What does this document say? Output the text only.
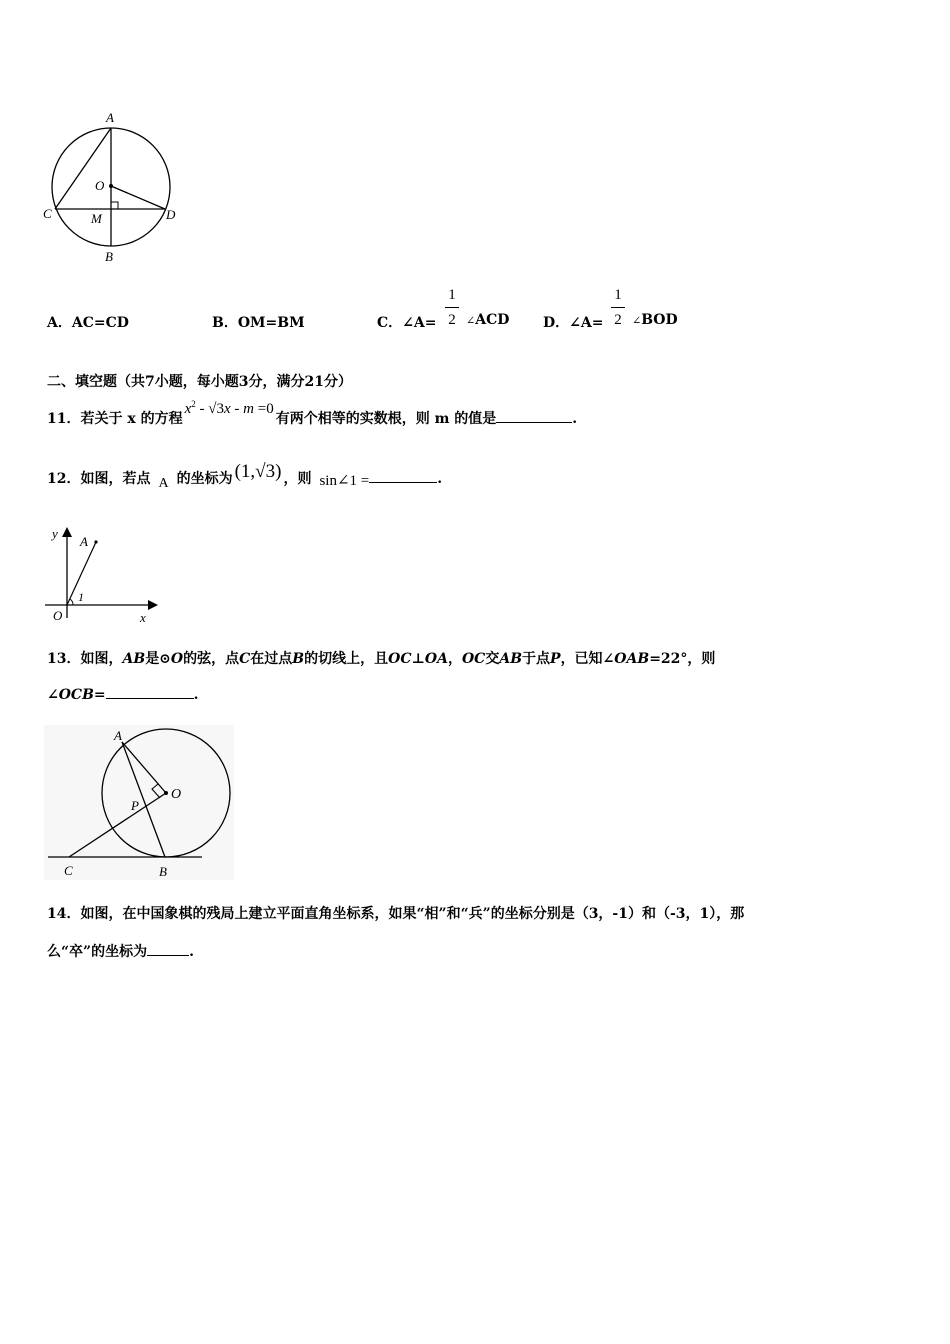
A
O
C	M	D
B
A．AC=CD	B．OM=BM	C．∠A=
1
2 ∠ACD D．∠A=
1
2 ∠BOD
二、填空题（共7小题，每小题3分，满分21分）
11．若关于 x 的方程$x^2 - √3x - m =0$有两个相等的实数根，则 m 的值是	.
12．如图，若点 A 的坐标为 (1,√3) ，则 sin∠1 =	.
y
A
O
1
x
13．如图，AB是⊙O的弦，点C在过点B的切线上，且OC⊥OA，OC交AB于点P，已知∠OAB=22°，则
∠OCB=	.
A
O
P
C	B
14．如图，在中国象棋的残局上建立平面直角坐标系，如果“相”和“兵”的坐标分别是（3，-1）和（-3，1），那
么“卒”的坐标为	.
